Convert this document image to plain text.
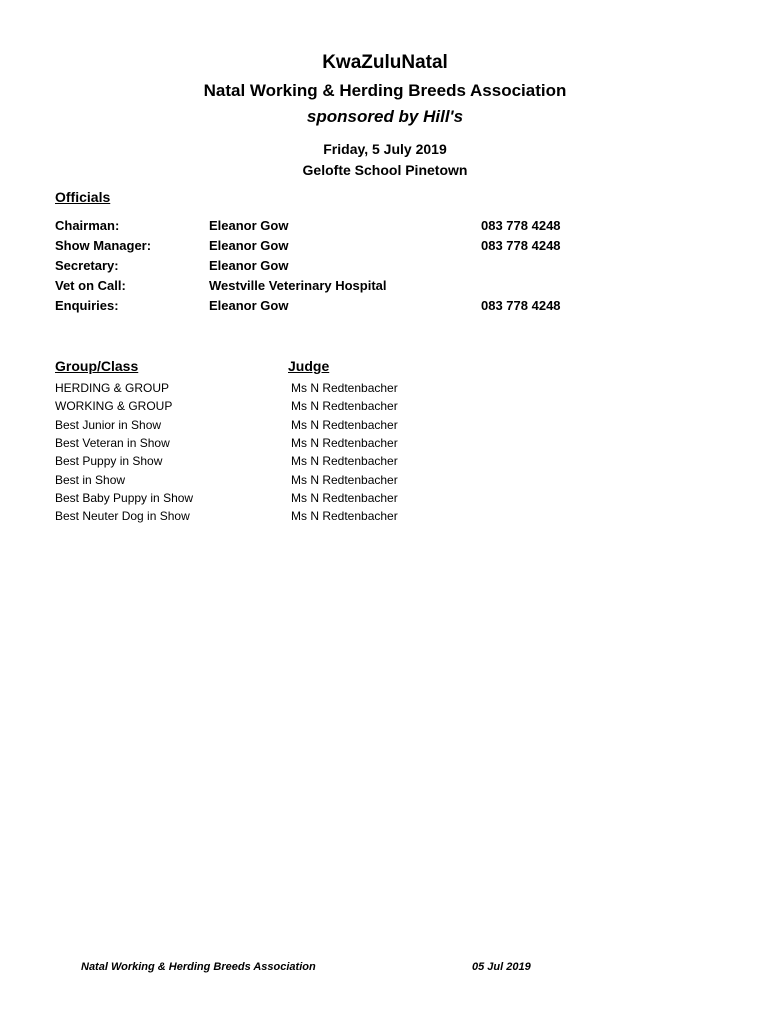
KwaZuluNatal
Natal Working & Herding Breeds Association
sponsored by Hill's
Friday, 5 July 2019
Gelofte School Pinetown
Officials
Chairman:	Eleanor Gow	083 778 4248
Show Manager:	Eleanor Gow	083 778 4248
Secretary:	Eleanor Gow
Vet on Call:	Westville Veterinary Hospital
Enquiries:	Eleanor Gow	083 778 4248
Group/Class	Judge
HERDING & GROUP	Ms N Redtenbacher
WORKING & GROUP	Ms N Redtenbacher
Best Junior in Show	Ms N Redtenbacher
Best Veteran in Show	Ms N Redtenbacher
Best Puppy in Show	Ms N Redtenbacher
Best in Show	Ms N Redtenbacher
Best Baby Puppy in Show	Ms N Redtenbacher
Best Neuter Dog in Show	Ms N Redtenbacher
Natal Working & Herding Breeds Association	05 Jul 2019
